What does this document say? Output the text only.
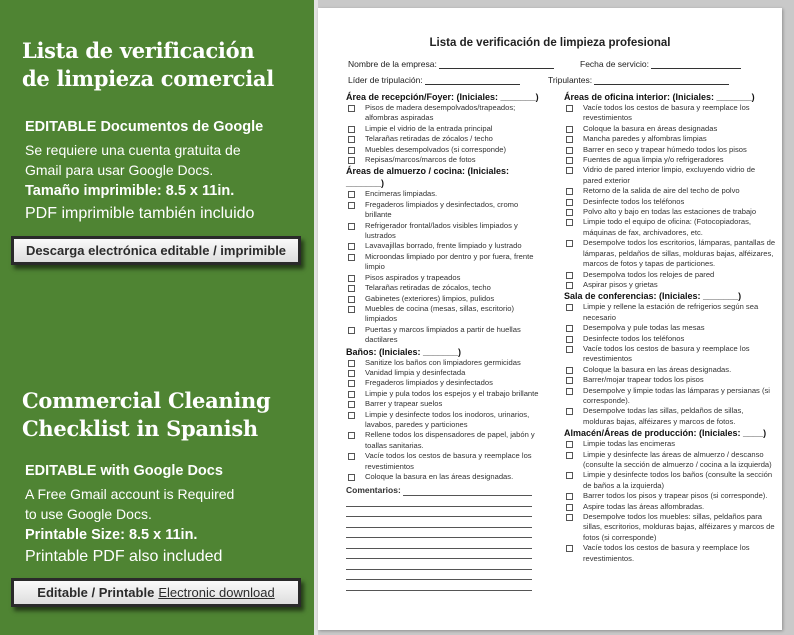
Lista de verificación
de limpieza comercial
EDITABLE Documentos de Google
Se requiere una cuenta gratuita de
Gmail para usar Google Docs.
Tamaño imprimible: 8.5 x 11in.
PDF imprimible también incluido
Descarga electrónica editable / imprimible
Commercial Cleaning
Checklist in Spanish
EDITABLE with Google Docs
A Free Gmail account is Required
to use Google Docs.
Printable Size: 8.5 x 11in.
Printable PDF also included
Editable / Printable Electronic download
Lista de verificación de limpieza profesional
Nombre de la empresa:	Fecha de servicio:
Líder de tripulación:	Tripulantes:
Área de recepción/Foyer: (Iniciales: _______)
Pisos de madera desempolvados/trapeados; alfombras aspiradas
Limpie el vidrio de la entrada principal
Telarañas retiradas de zócalos / techo
Muebles desempolvados (si corresponde)
Repisas/marcos/marcos de fotos
Áreas de almuerzo / cocina: (Iniciales: _______)
Encimeras limpiadas.
Fregaderos limpiados y desinfectados, cromo brillante
Refrigerador frontal/lados visibles limpiados y lustrados
Lavavajillas borrado, frente limpiado y lustrado
Microondas limpiado por dentro y por fuera, frente limpio
Pisos aspirados y trapeados
Telarañas retiradas de zócalos, techo
Gabinetes (exteriores) limpios, pulidos
Muebles de cocina (mesas, sillas, escritorio) limpiados
Puertas y marcos limpiados a partir de huellas dactilares
Baños: (Iniciales: _______)
Sanitize los baños con limpiadores germicidas
Vanidad limpia y desinfectada
Fregaderos limpiados y desinfectados
Limpie y pula todos los espejos y el trabajo brillante
Barrer y trapear suelos
Limpie y desinfecte todos los inodoros, urinarios, lavabos, paredes y particiones
Rellene todos los dispensadores de papel, jabón y toallas sanitarias.
Vacíe todos los cestos de basura y reemplace los revestimientos
Coloque la basura en las áreas designadas.
Comentarios:
Áreas de oficina interior: (Iniciales: _______)
Vacíe todos los cestos de basura y reemplace los revestimientos
Coloque la basura en áreas designadas
Mancha paredes y alfombras limpias
Barrer en seco y trapear húmedo todos los pisos
Fuentes de agua limpia y/o refrigeradores
Vidrio de pared interior limpio, excluyendo vidrio de pared exterior
Retorno de la salida de aire del techo de polvo
Desinfecte todos los teléfonos
Polvo alto y bajo en todas las estaciones de trabajo
Limpie todo el equipo de oficina: (Fotocopiadoras, máquinas de fax, archivadores, etc.
Desempolve todos los escritorios, lámparas, pantallas de lámparas, peldaños de sillas, molduras bajas, alféizares, marcos de fotos y tapas de particiones.
Desempolva todos los relojes de pared
Aspirar pisos y grietas
Sala de conferencias: (Iniciales: _______)
Limpie y rellene la estación de refrigerios según sea necesario
Desempolva y pule todas las mesas
Desinfecte todos los teléfonos
Vacíe todos los cestos de basura y reemplace los revestimientos
Coloque la basura en las áreas designadas.
Barrer/mojar trapear todos los pisos
Desempolve y limpie todas las lámparas y persianas (si corresponde).
Desempolve todas las sillas, peldaños de sillas, molduras bajas, alféizares y marcos de fotos.
Almacén/Áreas de producción: (Iniciales: ____)
Limpie todas las encimeras
Limpie y desinfecte las áreas de almuerzo / descanso (consulte la sección de almuerzo / cocina a la izquierda)
Limpie y desinfecte todos los baños (consulte la sección de baños a la izquierda)
Barrer todos los pisos y trapear pisos (si corresponde).
Aspire todas las áreas alfombradas.
Desempolve todos los muebles: sillas, peldaños para sillas, escritorios, molduras bajas, alféizares y marcos de fotos (si corresponde)
Vacíe todos los cestos de basura y reemplace los revestimientos.
